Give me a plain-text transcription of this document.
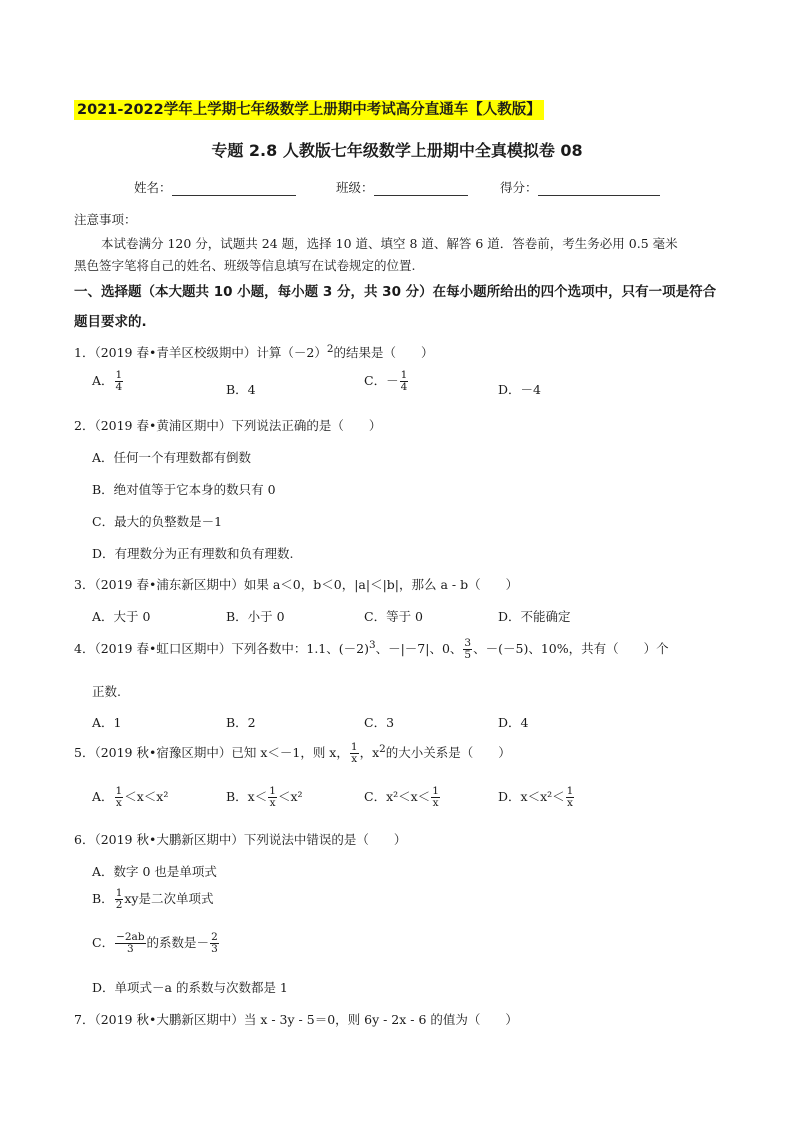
2021-2022学年上学期七年级数学上册期中考试高分直通车【人教版】
专题 2.8 人教版七年级数学上册期中全真模拟卷 08
姓名：	班级：	得分：
注意事项：
本试卷满分 120 分，试题共 24 题，选择 10 道、填空 8 道、解答 6 道．答卷前，考生务必用 0.5 毫米
黑色签字笔将自己的姓名、班级等信息填写在试卷规定的位置.
一、选择题（本大题共 10 小题，每小题 3 分，共 30 分）在每小题所给出的四个选项中，只有一项是符合
题目要求的.
1．（2019 春•青羊区校级期中）计算$(-2)^2$的结果是（　　）
A． $\frac{1}{4}$	B．4
C．－ $\frac{1}{4}$	D．－4
2．（2019 春•黄浦区期中）下列说法正确的是（　　）
A．任何一个有理数都有倒数
B．绝对值等于它本身的数只有 0
C．最大的负整数是－1
D．有理数分为正有理数和负有理数.
3．（2019 春•浦东新区期中）如果 a＜0，b＜0，|a|＜|b|，那么 a - b（　　）
A．大于 0	B．小于 0	C．等于 0	D．不能确定
4．（2019 春•虹口区期中）下列各数中：1.1、$(-2)^3$、－|－7|、0、 $\frac{3}{5}$ 、－(－5)、10%，共有（　　）个
正数.
A．1	B．2	C．3	D．4
5．（2019 秋•宿豫区期中）已知 x＜－1，则 x， $\frac{1}{x}$ ，$x^2$的大小关系是（　　）
A． $\frac{1}{x} <x<x^2$	B．$x< \frac{1}{x} <x^2$	C．$x^2<x< \frac{1}{x}$	D．$x<x^2< \frac{1}{x}$
6．（2019 秋•大鹏新区期中）下列说法中错误的是（　　）
A．数字 0 也是单项式
B． $\frac{1}{2}$ xy是二次单项式
C． $\frac{-2ab}{3}$ 的系数是－ $\frac{2}{3}$
D．单项式－a 的系数与次数都是 1
7．（2019 秋•大鹏新区期中）当 x - 3y - 5＝0，则 6y - 2x - 6 的值为（　　）
